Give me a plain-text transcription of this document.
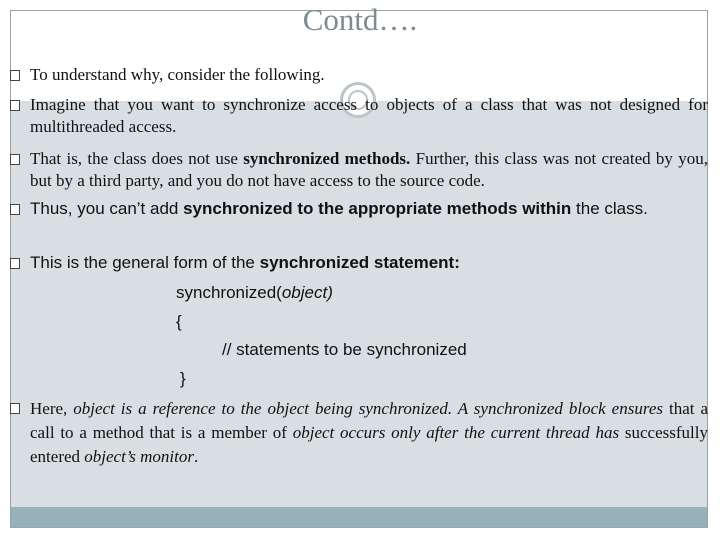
Contd….
To understand why, consider the following.
Imagine that you want to synchronize access to objects of a class that was not designed for multithreaded access.
That is, the class does not use synchronized methods. Further, this class was not created by you, but by a third party, and you do not have access to the source code.
Thus, you can’t add synchronized to the appropriate methods within the class.
This is the general form of the synchronized statement:
synchronized(object)
{
// statements to be synchronized
}
Here, object is a reference to the object being synchronized. A synchronized block ensures that a call to a method that is a member of object occurs only after the current thread has successfully entered object’s monitor.
